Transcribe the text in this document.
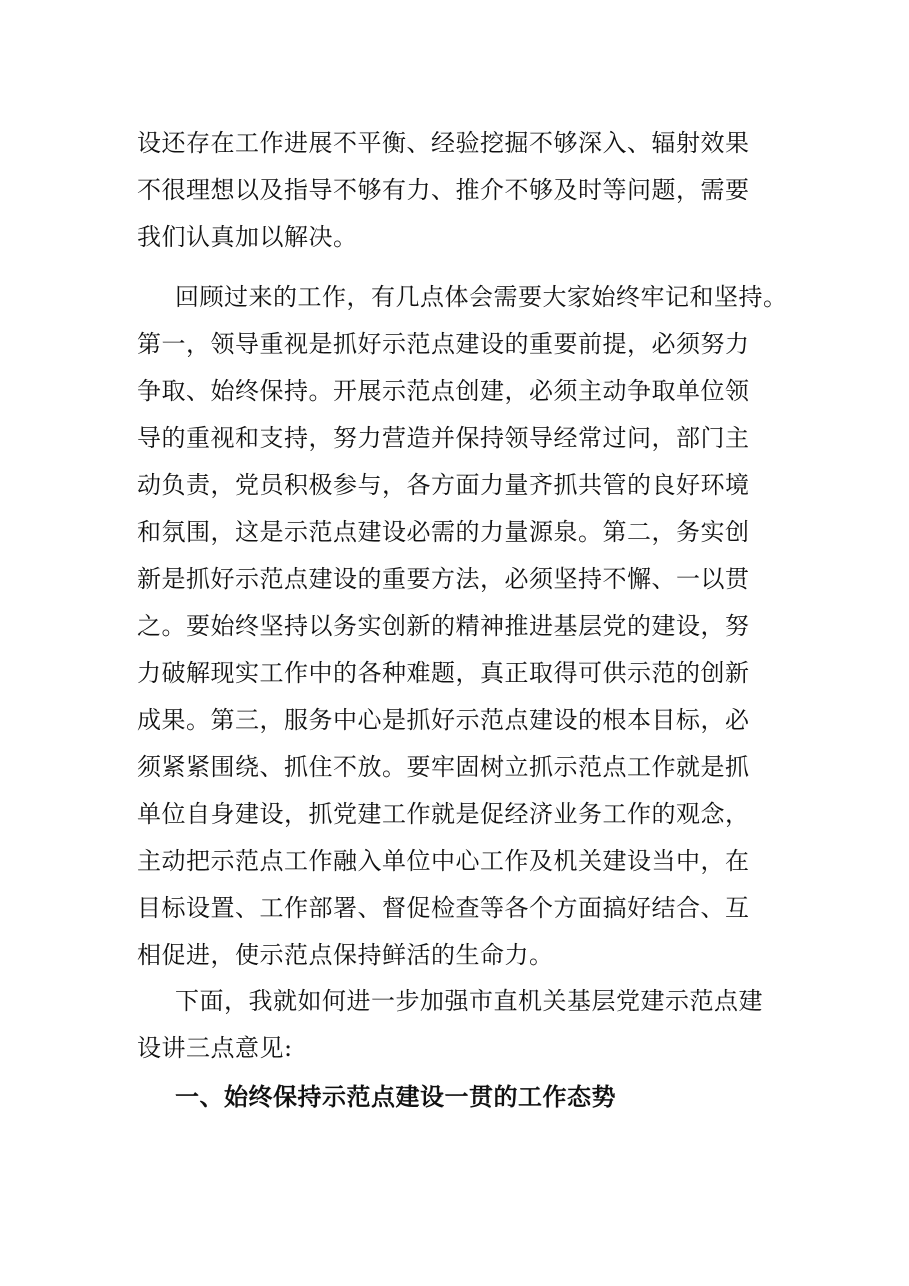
设还存在工作进展不平衡、经验挖掘不够深入、辐射效果
不很理想以及指导不够有力、推介不够及时等问题，需要
我们认真加以解决。
回顾过来的工作，有几点体会需要大家始终牢记和坚持。
第一，领导重视是抓好示范点建设的重要前提，必须努力
争取、始终保持。开展示范点创建，必须主动争取单位领
导的重视和支持，努力营造并保持领导经常过问，部门主
动负责，党员积极参与，各方面力量齐抓共管的良好环境
和氛围，这是示范点建设必需的力量源泉。第二，务实创
新是抓好示范点建设的重要方法，必须坚持不懈、一以贯
之。要始终坚持以务实创新的精神推进基层党的建设，努
力破解现实工作中的各种难题，真正取得可供示范的创新
成果。第三，服务中心是抓好示范点建设的根本目标，必
须紧紧围绕、抓住不放。要牢固树立抓示范点工作就是抓
单位自身建设，抓党建工作就是促经济业务工作的观念，
主动把示范点工作融入单位中心工作及机关建设当中，在
目标设置、工作部署、督促检查等各个方面搞好结合、互
相促进，使示范点保持鲜活的生命力。
下面，我就如何进一步加强市直机关基层党建示范点建
设讲三点意见:
一、始终保持示范点建设一贯的工作态势
